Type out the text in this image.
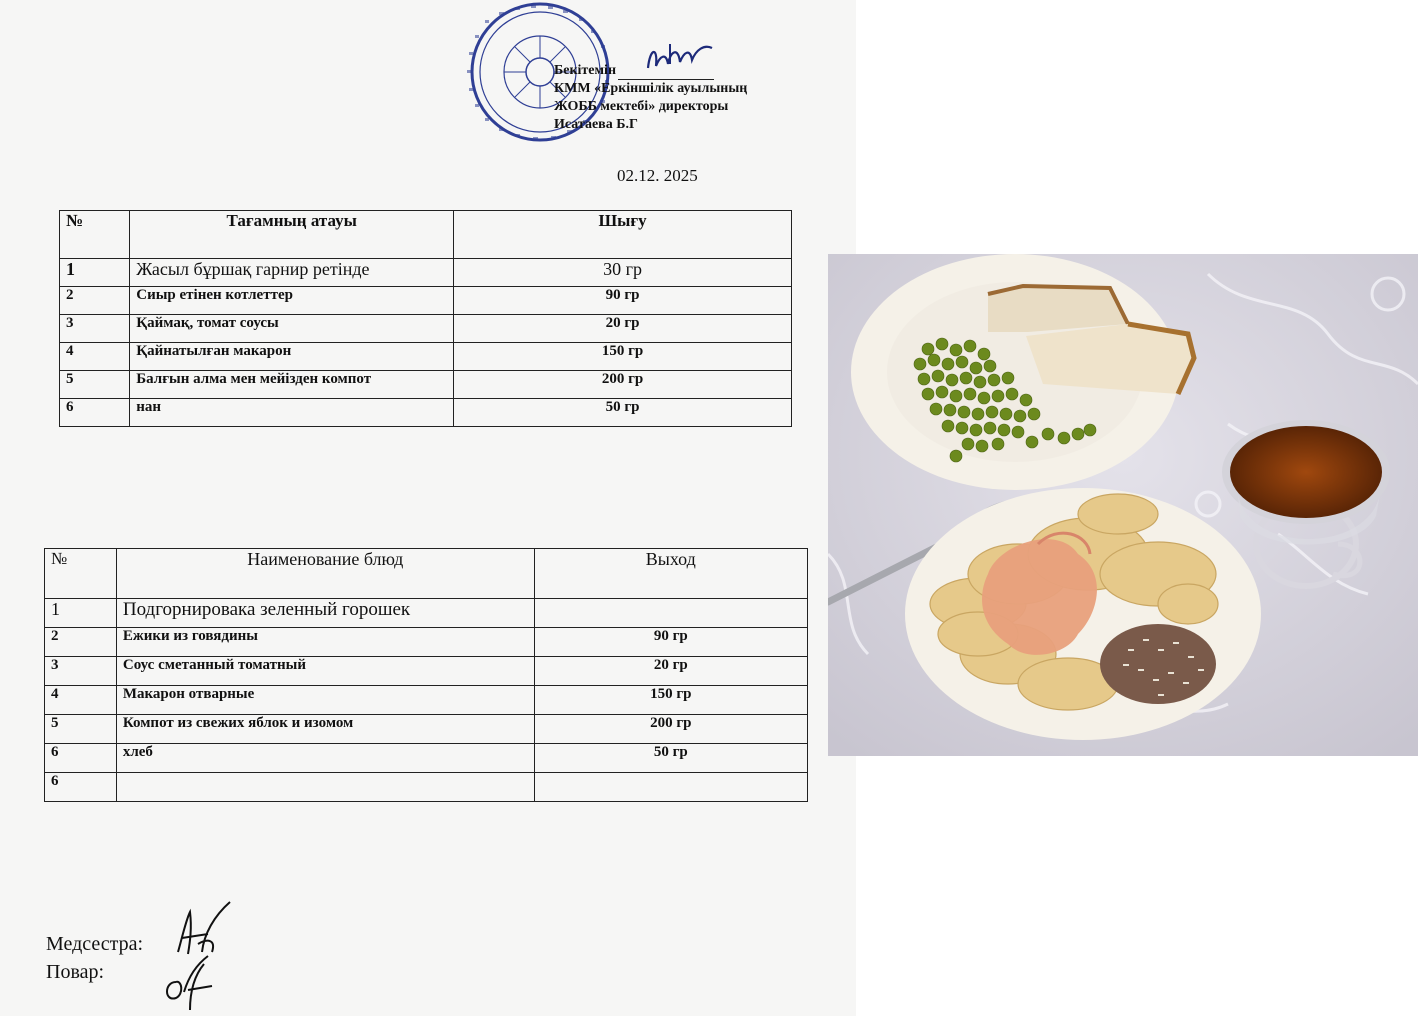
Бекітемін
КММ «Еркіншілік ауылының
ЖОББ мектебі» директоры
Исатаева Б.Г
02.12. 2025
№	Тағамның атауы	Шығу
1	Жасыл бұршақ гарнир ретінде	30 гр
2	Сиыр етінен котлеттер	90 гр
3	Қаймақ, томат соусы	20 гр
4	Қайнатылған макарон	150 гр
5	Балғын алма мен мейізден компот	200 гр
6	нан	50 гр
№	Наименование блюд	Выход
1	Подгорнировака зеленный горошек	
2	Ежики из говядины	90 гр
3	Соус сметанный томатный	20 гр
4	Макарон отварные	150 гр
5	Компот из свежих яблок и изомом	200 гр
6	хлеб	50 гр
6		
Медсестра:
Повар:
